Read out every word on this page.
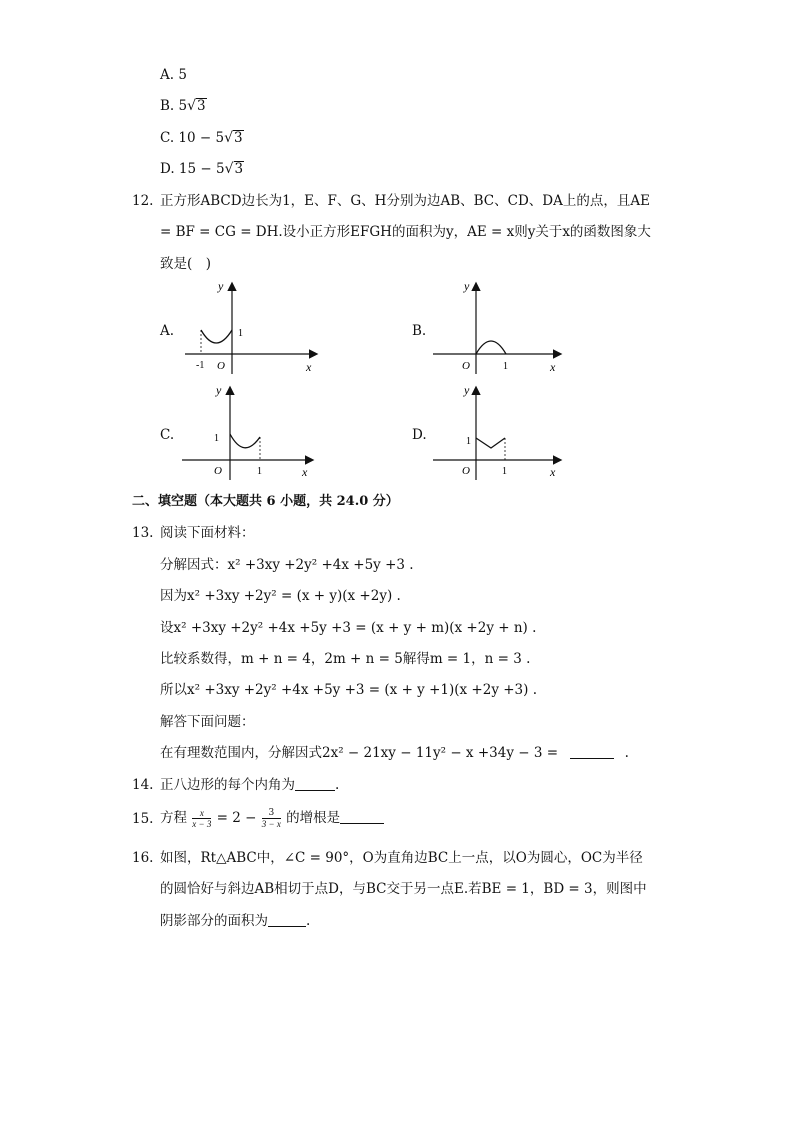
A. 5
B. 5√3
C. 10 − 5√3
D. 15 − 5√3
12. 正方形ABCD边长为1，E、F、G、H分别为边AB、BC、CD、DA上的点，且AE
= BF = CG = DH.设小正方形EFGH的面积为y，AE = x则y关于x的函数图象大
致是(　)
A.	B.
C.	D.
y
x
O
-1
1
y
x
O	1
y
x
O
1
1
y
x
O
1
1
二、填空题（本大题共 6 小题，共 24.0 分）
13. 阅读下面材料：
分解因式：x² +3xy +2y² +4x +5y +3 .
因为x² +3xy +2y² = (x + y)(x +2y) .
设x² +3xy +2y² +4x +5y +3 = (x + y + m)(x +2y + n) .
比较系数得，m + n = 4，2m + n = 5解得m = 1，n = 3 .
所以x² +3xy +2y² +4x +5y +3 = (x + y +1)(x +2y +3) .
解答下面问题：
在有理数范围内，分解因式2x² − 21xy − 11y² − x +34y − 3 =	.
14. 正八边形的每个内角为	.
15. 方程 $\frac{x}{x - 3} = 2 - \frac{3}{3 - x}$ 的增根是
16. 如图，Rt△ABC中，∠C = 90°，O为直角边BC上一点，以O为圆心，OC为半径
的圆恰好与斜边AB相切于点D，与BC交于另一点E.若BE = 1，BD = 3，则图中
阴影部分的面积为	.
